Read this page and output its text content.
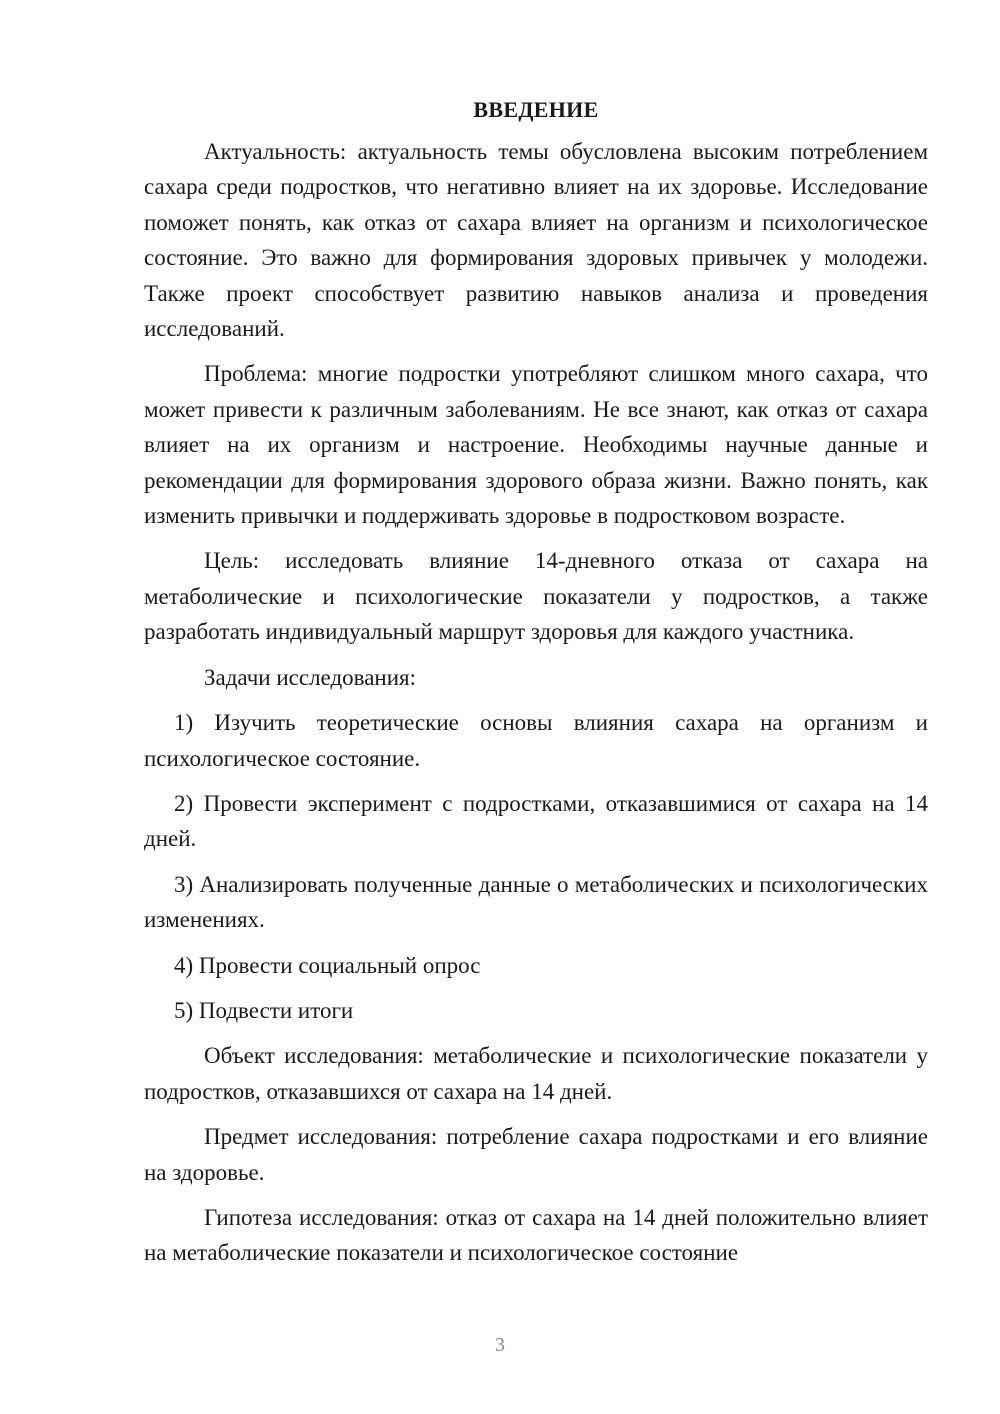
ВВЕДЕНИЕ

Актуальность: актуальность темы обусловлена высоким потреблением сахара среди подростков, что негативно влияет на их здоровье. Исследование поможет понять, как отказ от сахара влияет на организм и психологическое состояние. Это важно для формирования здоровых привычек у молодежи. Также проект способствует развитию навыков анализа и проведения исследований.

Проблема: многие подростки употребляют слишком много сахара, что может привести к различным заболеваниям. Не все знают, как отказ от сахара влияет на их организм и настроение. Необходимы научные данные и рекомендации для формирования здорового образа жизни. Важно понять, как изменить привычки и поддерживать здоровье в подростковом возрасте.

Цель: исследовать влияние 14-дневного отказа от сахара на метаболические и психологические показатели у подростков, а также разработать индивидуальный маршрут здоровья для каждого участника.

Задачи исследования:

1) Изучить теоретические основы влияния сахара на организм и психологическое состояние.

2) Провести эксперимент с подростками, отказавшимися от сахара на 14 дней.

3) Анализировать полученные данные о метаболических и психологических изменениях.

4) Провести социальный опрос

5) Подвести итоги

Объект исследования: метаболические и психологические показатели у подростков, отказавшихся от сахара на 14 дней.

Предмет исследования: потребление сахара подростками и его влияние на здоровье.

Гипотеза исследования: отказ от сахара на 14 дней положительно влияет на метаболические показатели и психологическое состояние

3
